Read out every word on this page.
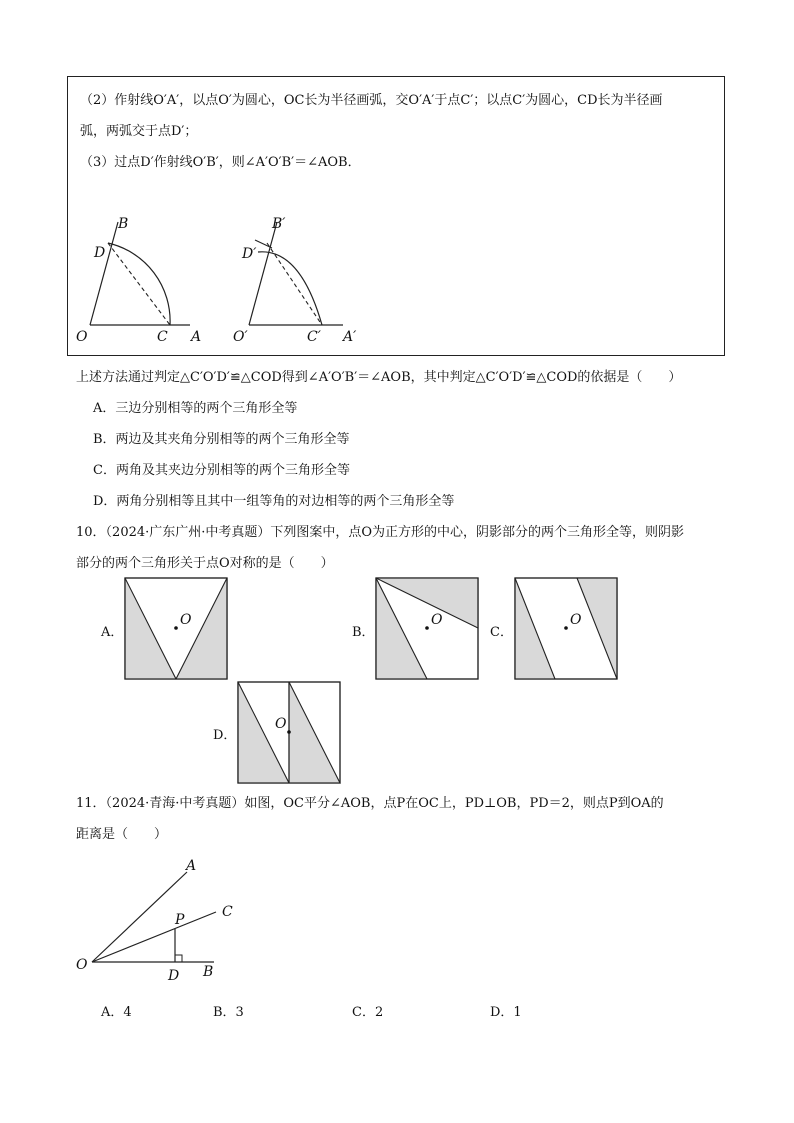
（2）作射线O′A′，以点O′为圆心，OC长为半径画弧，交O′A′于点C′；以点C′为圆心，CD长为半径画
弧，两弧交于点D′；
（3）过点D′作射线O′B′，则∠A′O′B′＝∠AOB．
B
D
O	C A
B′
D′
O′	C′ A′
上述方法通过判定△C′O′D′≌△COD得到∠A′O′B′＝∠AOB，其中判定△C′O′D′≌△COD的依据是（　　）
A．三边分别相等的两个三角形全等
B．两边及其夹角分别相等的两个三角形全等
C．两角及其夹边分别相等的两个三角形全等
D．两角分别相等且其中一组等角的对边相等的两个三角形全等
10．（2024·广东广州·中考真题）下列图案中，点O为正方形的中心，阴影部分的两个三角形全等，则阴影
部分的两个三角形关于点O对称的是（　　）
A．	B．	C．
D．
O	O	O
O
11．（2024·青海·中考真题）如图，OC平分∠AOB，点P在OC上，PD⊥OB，PD＝2，则点P到OA的
距离是（　　）
A
C
P
O
D B
A．4	B．3	C．2	D．1
